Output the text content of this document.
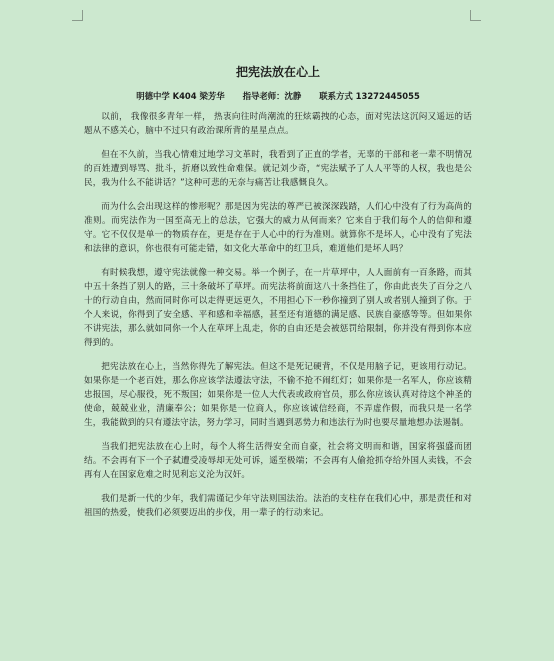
把宪法放在心上
明德中学 K404 梁芳华 指导老师：沈静 联系方式 13272445055

以前， 我像很多青年一样， 热衷向往时尚潮流的狂炫霸拽的心态，面对宪法这沉闷又遥远的话题从不感关心，脑中不过只有政治课所背的星星点点。

但在不久前，当我心情难过地学习文革时，我看到了正直的学者，无辜的干部和老一辈不明情况的百姓遭到辱骂、批斗，折磨以致性命难保。就记刘少奇，“宪法赋予了人人平等的人权，我也是公民，我为什么不能讲话？”这种可悲的无奈与痛苦让我感慨良久。

而为什么会出现这样的惨形呢？那是因为宪法的尊严已被深深践踏，人们心中没有了行为高尚的准则。而宪法作为一国至高无上的总法，它强大的威力从何而来？它来自于我们每个人的信仰和遵守。它不仅仅是单一的物质存在，更是存在于人心中的行为准则。就算你不是坏人，心中没有了宪法和法律的意识，你也很有可能走错，如文化大革命中的红卫兵，难道他们是坏人吗？

有时候我想，遵守宪法就像一种交易。举一个例子，在一片草坪中，人人面前有一百条路，而其中五十条挡了别人的路，三十条破坏了草坪。而宪法将前面这八十条挡住了，你由此丧失了百分之八十的行动自由，然而同时你可以走得更远更久，不用担心下一秒你撞到了别人或者别人撞到了你。于个人来说，你得到了安全感、平和感和幸福感，甚至还有道德的满足感、民族自豪感等等。但如果你不讲宪法，那么就如同你一个人在草坪上乱走，你的自由还是会被惩罚给限制，你并没有得到你本应得到的。

把宪法放在心上，当然你得先了解宪法。但这不是死记硬背，不仅是用脑子记，更该用行动记。如果你是一个老百姓，那么你应该学法遵法守法，不偷不抢不闹红灯；如果你是一名军人，你应该精忠报国，尽心服役，死不叛国；如果你是一位人大代表或政府官员，那么你应该认真对待这个神圣的使命，兢兢业业，清廉奉公；如果你是一位商人，你应该诚信经商，不弄虚作假，而我只是一名学生，我能做到的只有遵法守法，努力学习，同时当遇到恶势力和违法行为时也要尽量地想办法遏制。

当我们把宪法放在心上时，每个人将生活得安全而自豪，社会将文明而和谐，国家将强盛而团结。不会再有下一个子弑遭受凌辱却无处可诉，遥至极端；不会再有人偷抢抓夺给外国人卖钱，不会再有人在国家危难之时见利忘义沦为汉奸。

我们是新一代的少年，我们需谨记少年守法则国法治。法治的支柱存在我们心中，那是责任和对祖国的热爱，使我们必须要迈出的步伐，用一辈子的行动来记。
